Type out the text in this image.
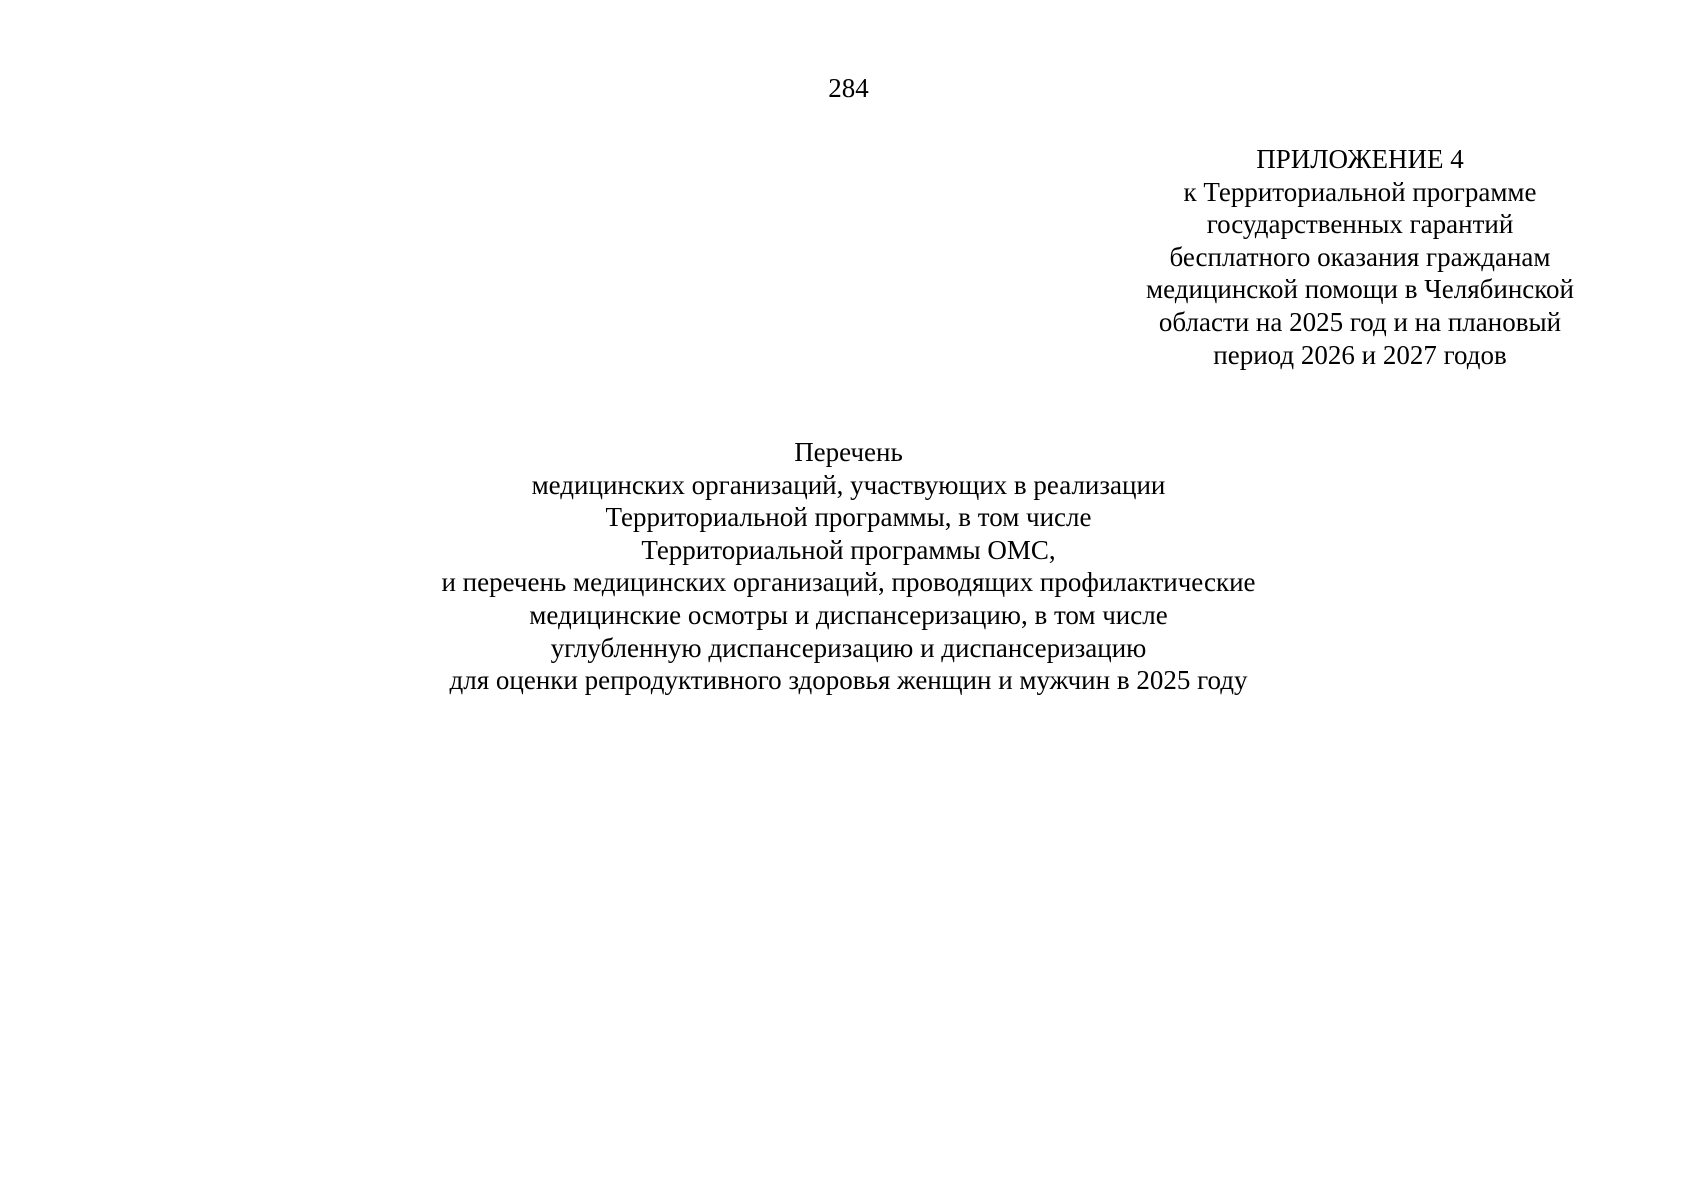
284
ПРИЛОЖЕНИЕ 4
к Территориальной программе
государственных гарантий
бесплатного оказания гражданам
медицинской помощи в Челябинской
области на 2025 год и на плановый
период 2026 и 2027 годов
Перечень
медицинских организаций, участвующих в реализации
Территориальной программы, в том числе
Территориальной программы ОМС,
и перечень медицинских организаций, проводящих профилактические
медицинские осмотры и диспансеризацию, в том числе
углубленную диспансеризацию и диспансеризацию
для оценки репродуктивного здоровья женщин и мужчин в 2025 году
